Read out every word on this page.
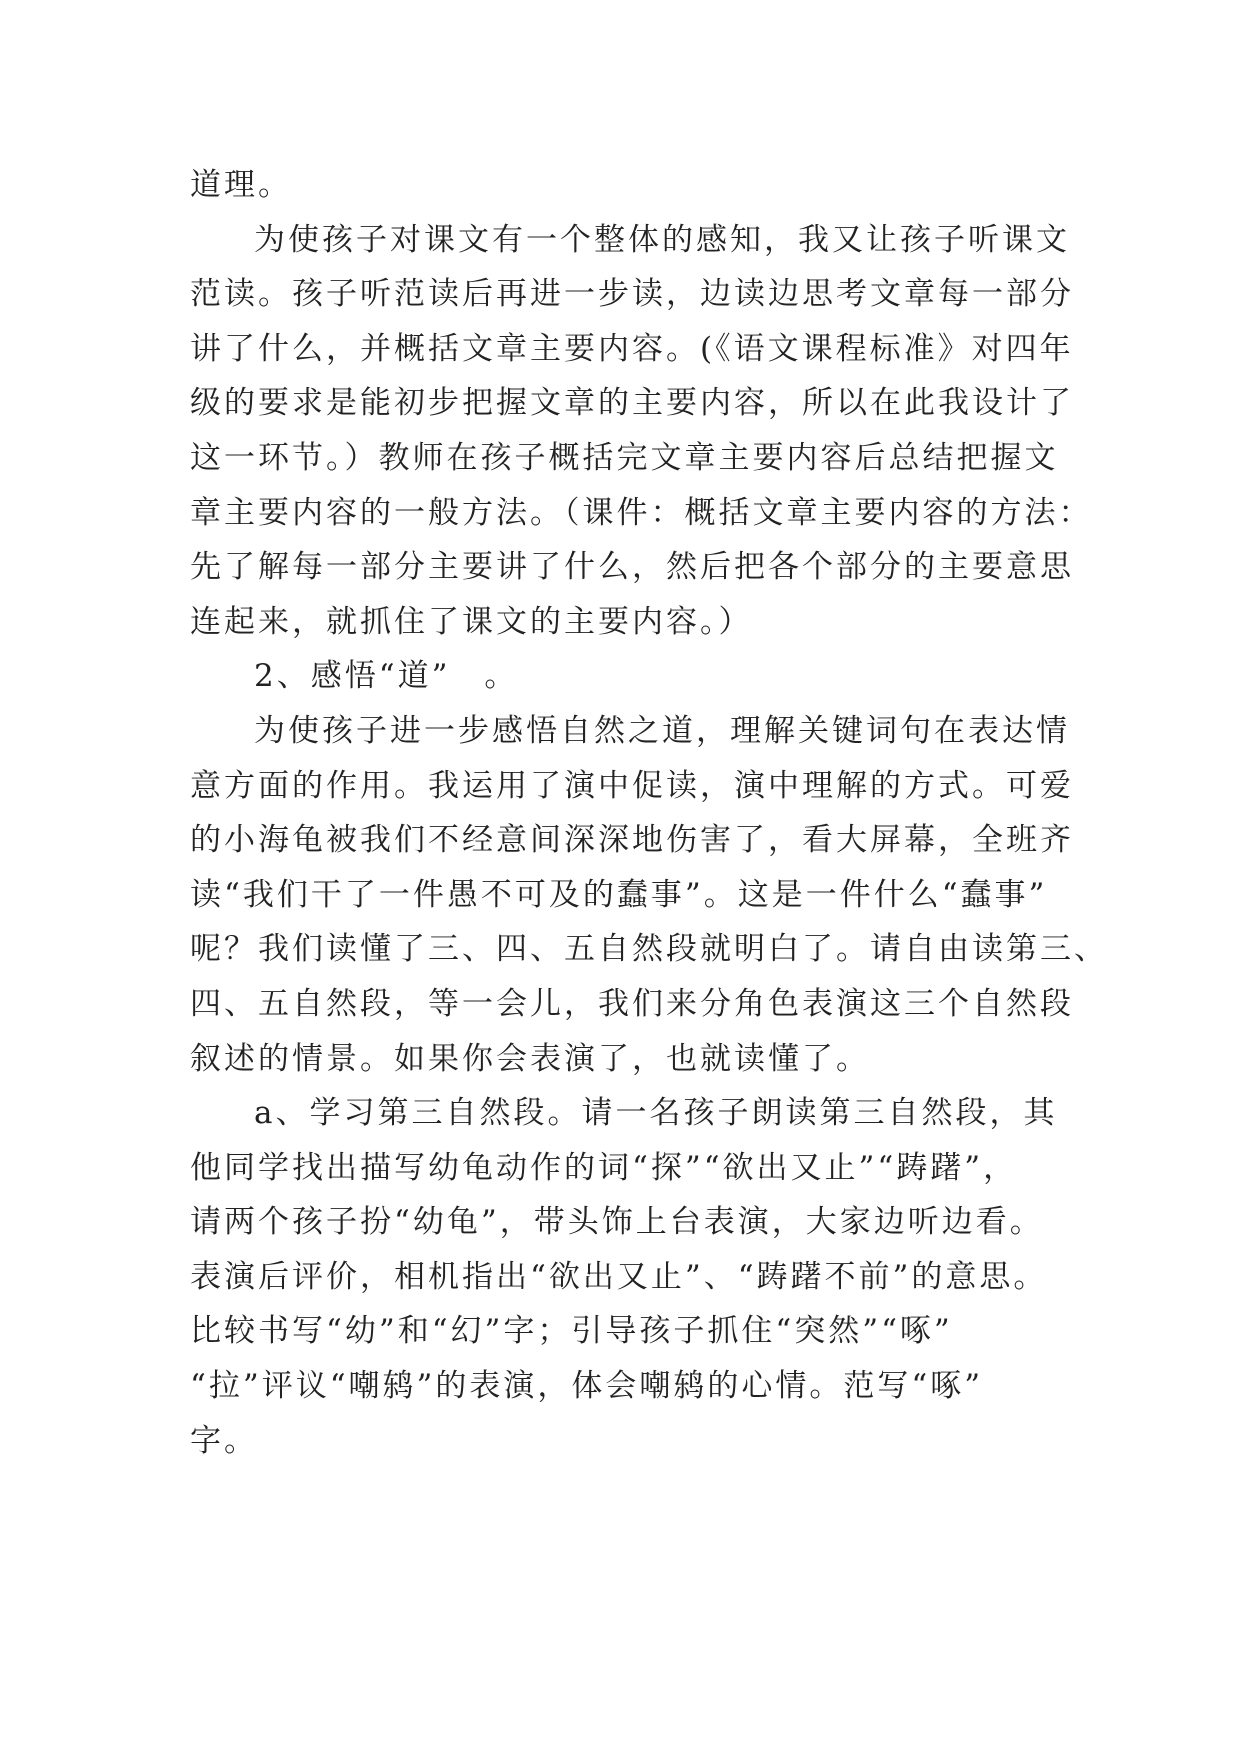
道理。
为使孩子对课文有一个整体的感知，我又让孩子听课文
范读。孩子听范读后再进一步读，边读边思考文章每一部分
讲了什么，并概括文章主要内容。(《语文课程标准》对四年
级的要求是能初步把握文章的主要内容，所以在此我设计了
这一环节。）教师在孩子概括完文章主要内容后总结把握文
章主要内容的一般方法。（课件：概括文章主要内容的方法：
先了解每一部分主要讲了什么，然后把各个部分的主要意思
连起来，就抓住了课文的主要内容。）
2、感悟“道”　。
为使孩子进一步感悟自然之道，理解关键词句在表达情
意方面的作用。我运用了演中促读，演中理解的方式。可爱
的小海龟被我们不经意间深深地伤害了，看大屏幕，全班齐
读“我们干了一件愚不可及的蠢事”。这是一件什么“蠢事”
呢？我们读懂了三、四、五自然段就明白了。请自由读第三、
四、五自然段，等一会儿，我们来分角色表演这三个自然段
叙述的情景。如果你会表演了，也就读懂了。
a、学习第三自然段。请一名孩子朗读第三自然段，其
他同学找出描写幼龟动作的词“探”“欲出又止”“踌躇”，
请两个孩子扮“幼龟”，带头饰上台表演，大家边听边看。
表演后评价，相机指出“欲出又止”、“踌躇不前”的意思。
比较书写“幼”和“幻”字；引导孩子抓住“突然”“啄”
“拉”评议“嘲鸫”的表演，体会嘲鸫的心情。范写“啄”
字。
